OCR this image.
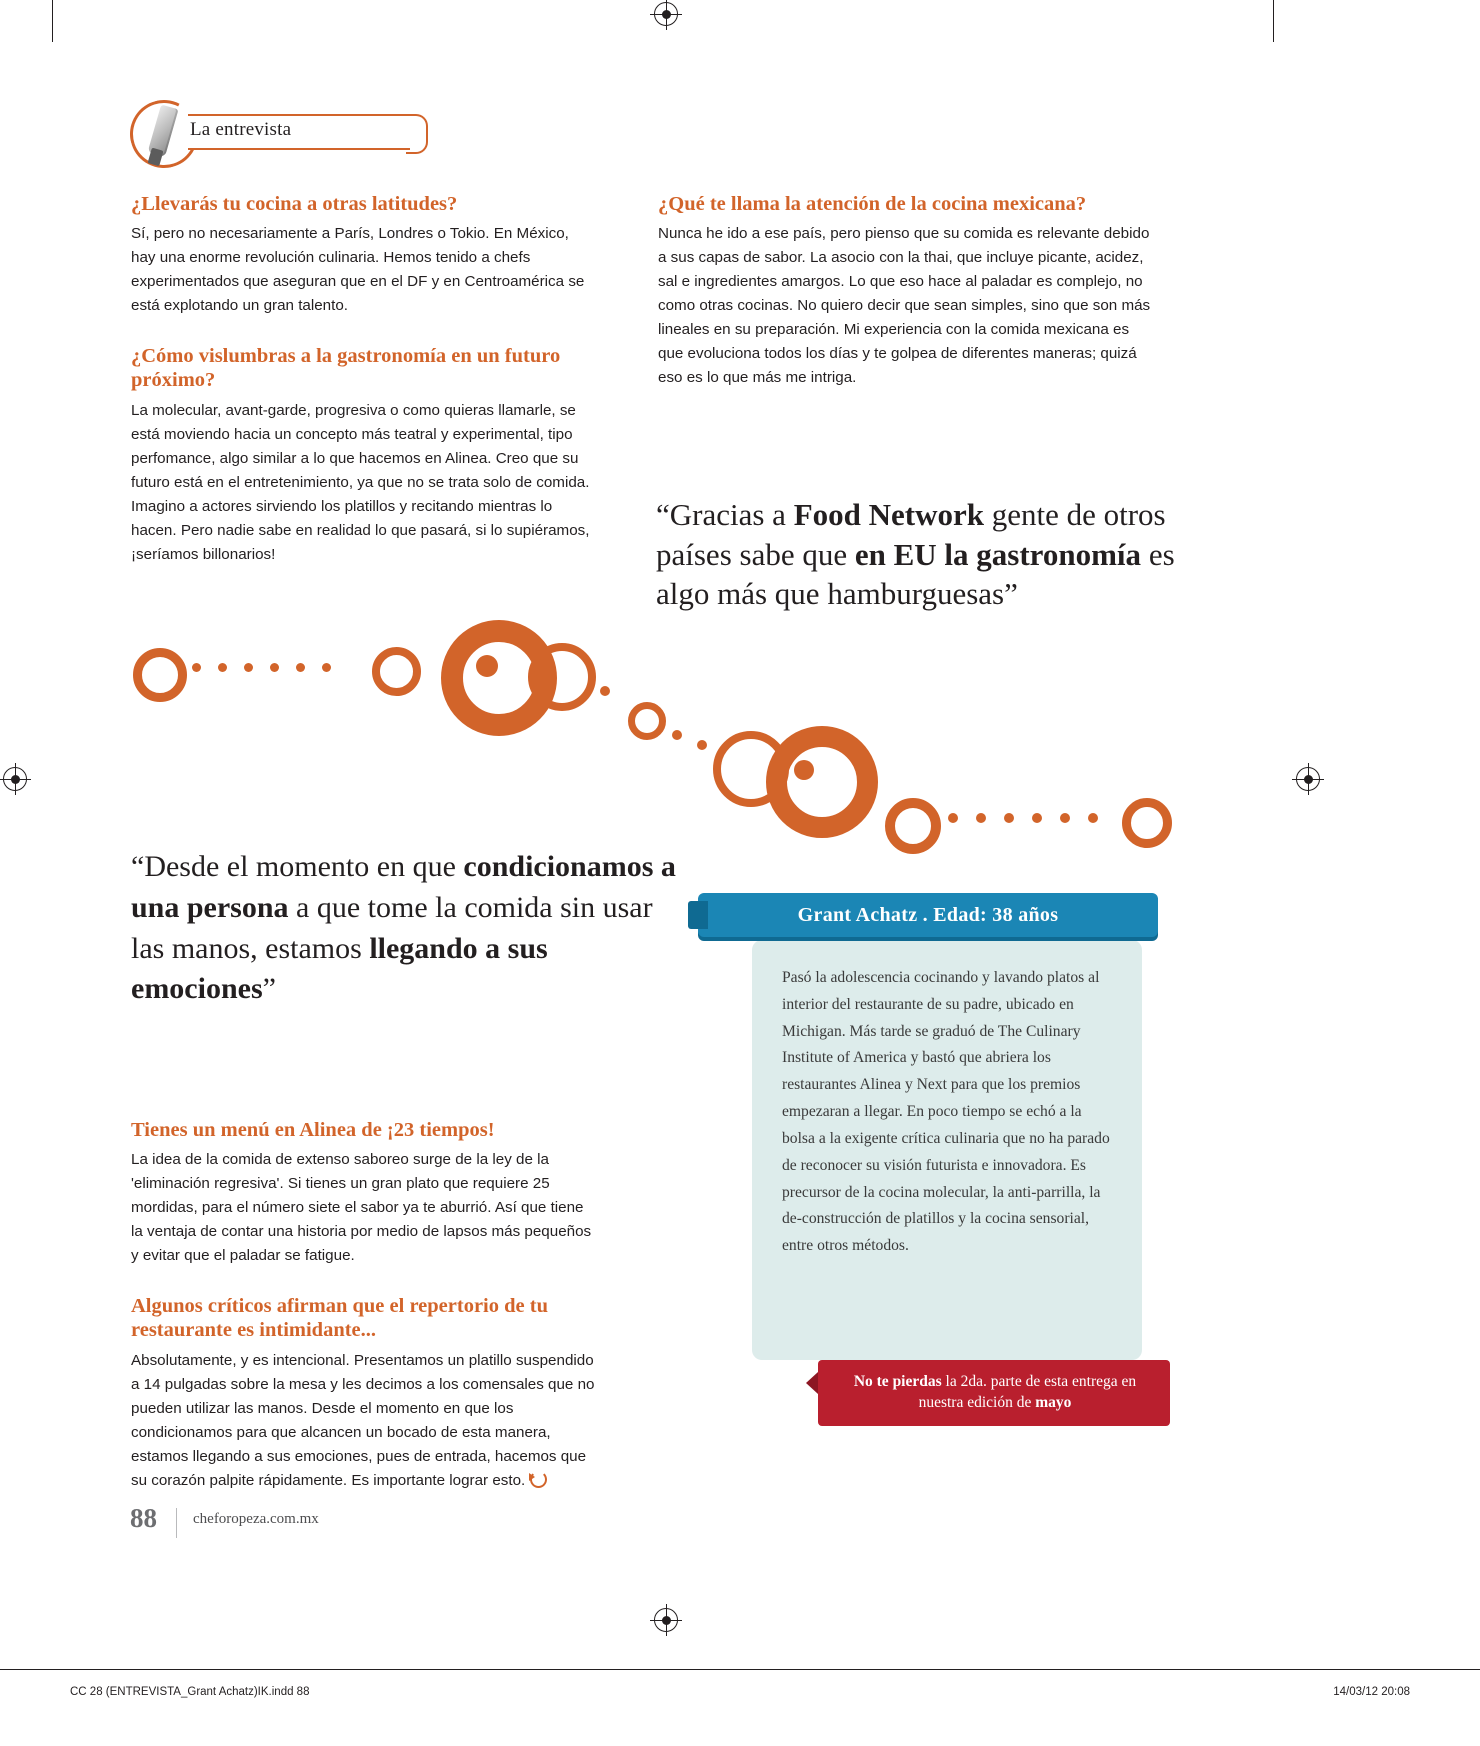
La entrevista
¿Llevarás tu cocina a otras latitudes?

Sí, pero no necesariamente a París, Londres o Tokio. En México, hay una enorme revolución culinaria. Hemos tenido a chefs experimentados que aseguran que en el DF y en Centroamérica se está explotando un gran talento.

¿Cómo vislumbras a la gastronomía en un futuro próximo?

La molecular, avant-garde, progresiva o como quieras llamarle, se está moviendo hacia un concepto más teatral y experimental, tipo perfomance, algo similar a lo que hacemos en Alinea. Creo que su futuro está en el entretenimiento, ya que no se trata solo de comida. Imagino a actores sirviendo los platillos y recitando mientras lo hacen. Pero nadie sabe en realidad lo que pasará, si lo supiéramos, ¡seríamos billonarios!

¿Qué te llama la atención de la cocina mexicana?

Nunca he ido a ese país, pero pienso que su comida es relevante debido a sus capas de sabor. La asocio con la thai, que incluye picante, acidez, sal e ingredientes amargos. Lo que eso hace al paladar es complejo, no como otras cocinas. No quiero decir que sean simples, sino que son más lineales en su preparación. Mi experiencia con la comida mexicana es que evoluciona todos los días y te golpea de diferentes maneras; quizá eso es lo que más me intriga.

“Gracias a Food Network gente de otros países sabe que en EU la gastronomía es algo más que hamburguesas”
“Desde el momento en que condicionamos a una persona a que tome la comida sin usar las manos, estamos llegando a sus emociones”
Tienes un menú en Alinea de ¡23 tiempos!

La idea de la comida de extenso saboreo surge de la ley de la 'eliminación regresiva'. Si tienes un gran plato que requiere 25 mordidas, para el número siete el sabor ya te aburrió. Así que tiene la ventaja de contar una historia por medio de lapsos más pequeños y evitar que el paladar se fatigue.

Algunos críticos afirman que el repertorio de tu restaurante es intimidante...

Absolutamente, y es intencional. Presentamos un platillo suspendido a 14 pulgadas sobre la mesa y les decimos a los comensales que no pueden utilizar las manos. Desde el momento en que los condicionamos para que alcancen un bocado de esta manera, estamos llegando a sus emociones, pues de entrada, hacemos que su corazón palpite rápidamente. Es importante lograr esto.

Grant Achatz . Edad: 38 años
Pasó la adolescencia cocinando y lavando platos al interior del restaurante de su padre, ubicado en Michigan. Más tarde se graduó de The Culinary Institute of America y bastó que abriera los restaurantes Alinea y Next para que los premios empezaran a llegar. En poco tiempo se echó a la bolsa a la exigente crítica culinaria que no ha parado de reconocer su visión futurista e innovadora. Es precursor de la cocina molecular, la anti-parrilla, la de-construcción de platillos y la cocina sensorial, entre otros métodos.
No te pierdas la 2da. parte de esta entrega en nuestra edición de mayo
88 cheforopeza.com.mx
CC 28 (ENTREVISTA_Grant Achatz)IK.indd 88	14/03/12 20:08
